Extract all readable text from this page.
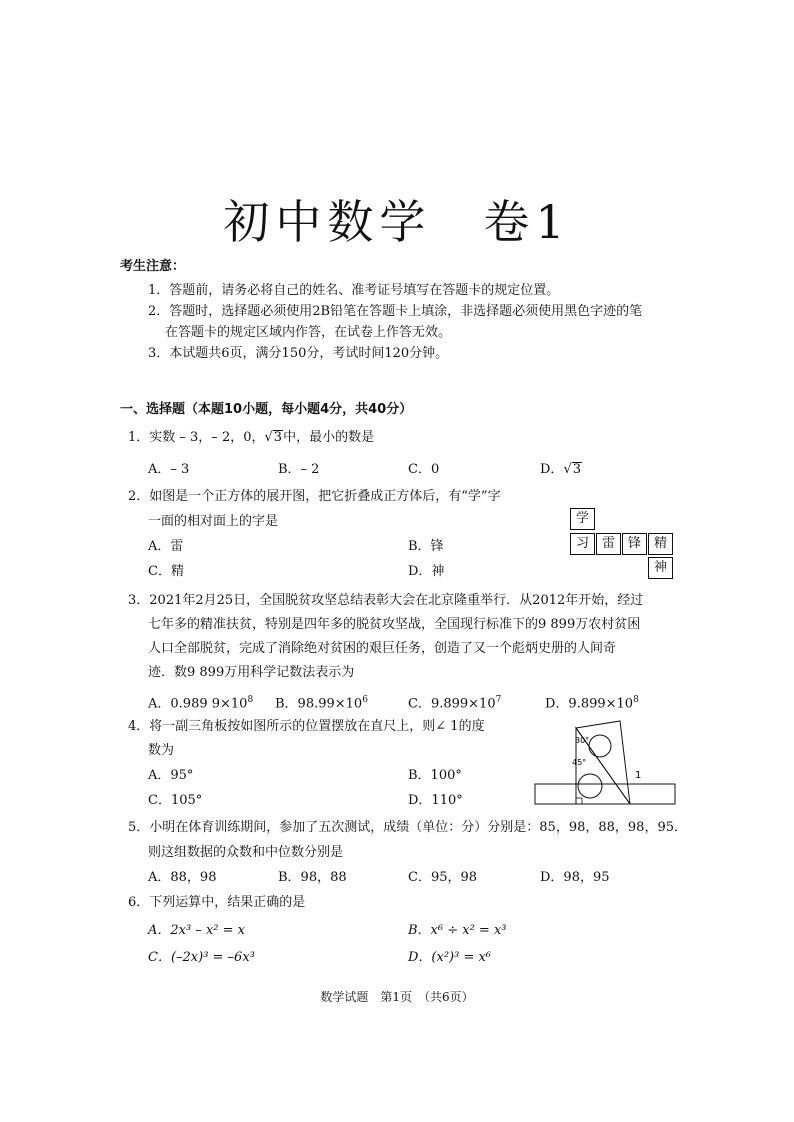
初中数学　卷1
考生注意：
1．答题前，请务必将自己的姓名、准考证号填写在答题卡的规定位置。
2．答题时，选择题必须使用2B铅笔在答题卡上填涂，非选择题必须使用黑色字迹的笔
在答题卡的规定区域内作答，在试卷上作答无效。
3．本试题共6页，满分150分，考试时间120分钟。
一、选择题（本题10小题，每小题4分，共40分）
1．实数 – 3，– 2，0，√3中，最小的数是
A．– 3	B．– 2	C．0	D．√3
2．如图是一个正方体的展开图，把它折叠成正方体后，有“学”字
一面的相对面上的字是
A．雷	B．锋
C．精	D．神
学
习 雷 锋 精
神
3．2021年2月25日，全国脱贫攻坚总结表彰大会在北京隆重举行．从2012年开始，经过
七年多的精准扶贫，特别是四年多的脱贫攻坚战，全国现行标准下的9 899万农村贫困
人口全部脱贫，完成了消除绝对贫困的艰巨任务，创造了又一个彪炳史册的人间奇
迹．数9 899万用科学记数法表示为
A．0.989 $9\times 10^8$ B．$98.99\times 10^6$	C．$9.899\times 10^7$	D．$9.899\times 10^8$
4．将一副三角板按如图所示的位置摆放在直尺上，则∠ 1的度
数为
A．95°	B．100°
C．105°	D．110°
30°
45°
1
5．小明在体育训练期间，参加了五次测试，成绩（单位：分）分别是：85，98，88，98，95．
则这组数据的众数和中位数分别是
A．88，98	B．98，88	C．95，98	D．98，95
6．下列运算中，结果正确的是
A．2x³ – x² = x	B．x⁶ ÷ x² = x³
C．(–2x)³ = –6x³	D．(x²)³ = x⁶
数学试题　第1页　（共6页）
